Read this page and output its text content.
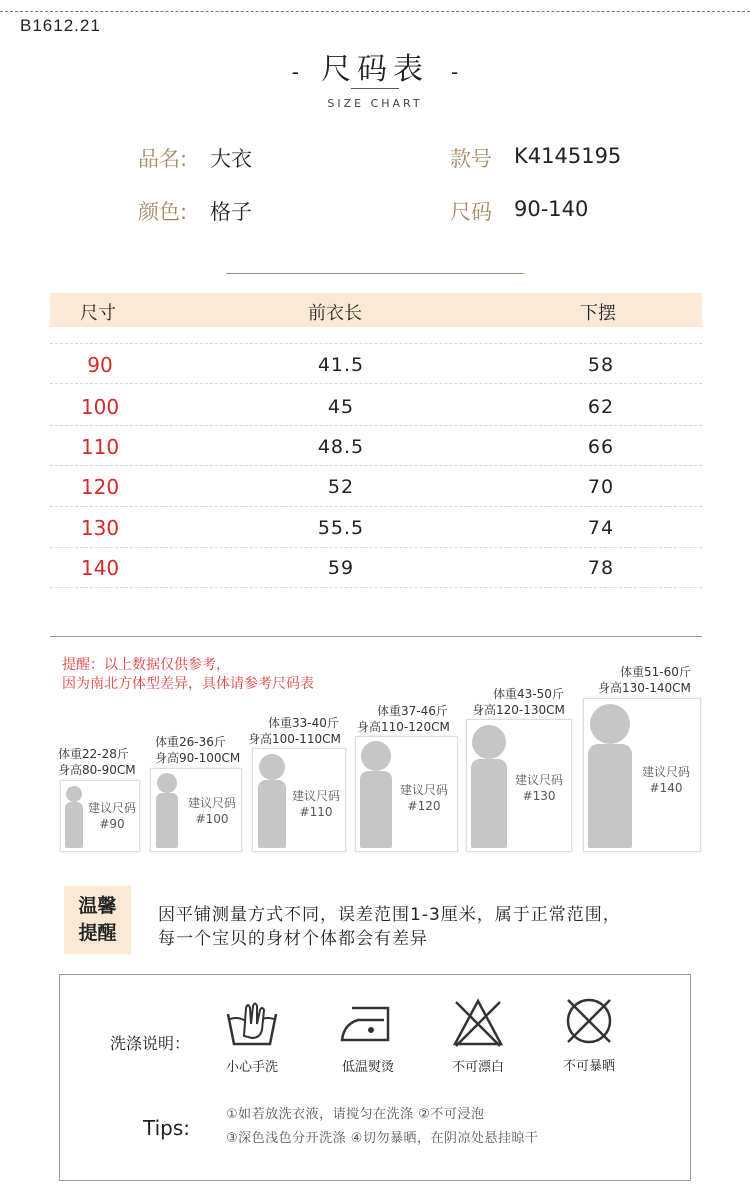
B1612.21
- 尺码表 -
SIZE CHART
品名: 大衣	款号 K4145195
颜色: 格子	尺码 90-140
尺寸	前衣长	下摆
90	41.5	58
100	45	62
110	48.5	66
120	52	70
130	55.5	74
140	59	78
提醒：以上数据仅供参考，
因为南北方体型差异，具体请参考尺码表
体重22-28斤
身高80-90CM
建议尺码
#90
体重26-36斤
身高90-100CM
建议尺码
#100
体重33-40斤
身高100-110CM
建议尺码
#110
体重37-46斤
身高110-120CM
建议尺码
#120
体重43-50斤
身高120-130CM
建议尺码
#130
体重51-60斤
身高130-140CM
建议尺码
#140
温馨
提醒
因平铺测量方式不同，误差范围1-3厘米，属于正常范围，
每一个宝贝的身材个体都会有差异
洗涤说明：
小心手洗	低温熨烫	不可漂白	不可暴晒
Tips:
①如若放洗衣液，请搅匀在洗涤 ②不可浸泡
③深色浅色分开洗涤 ④切勿暴晒，在阴凉处悬挂晾干
